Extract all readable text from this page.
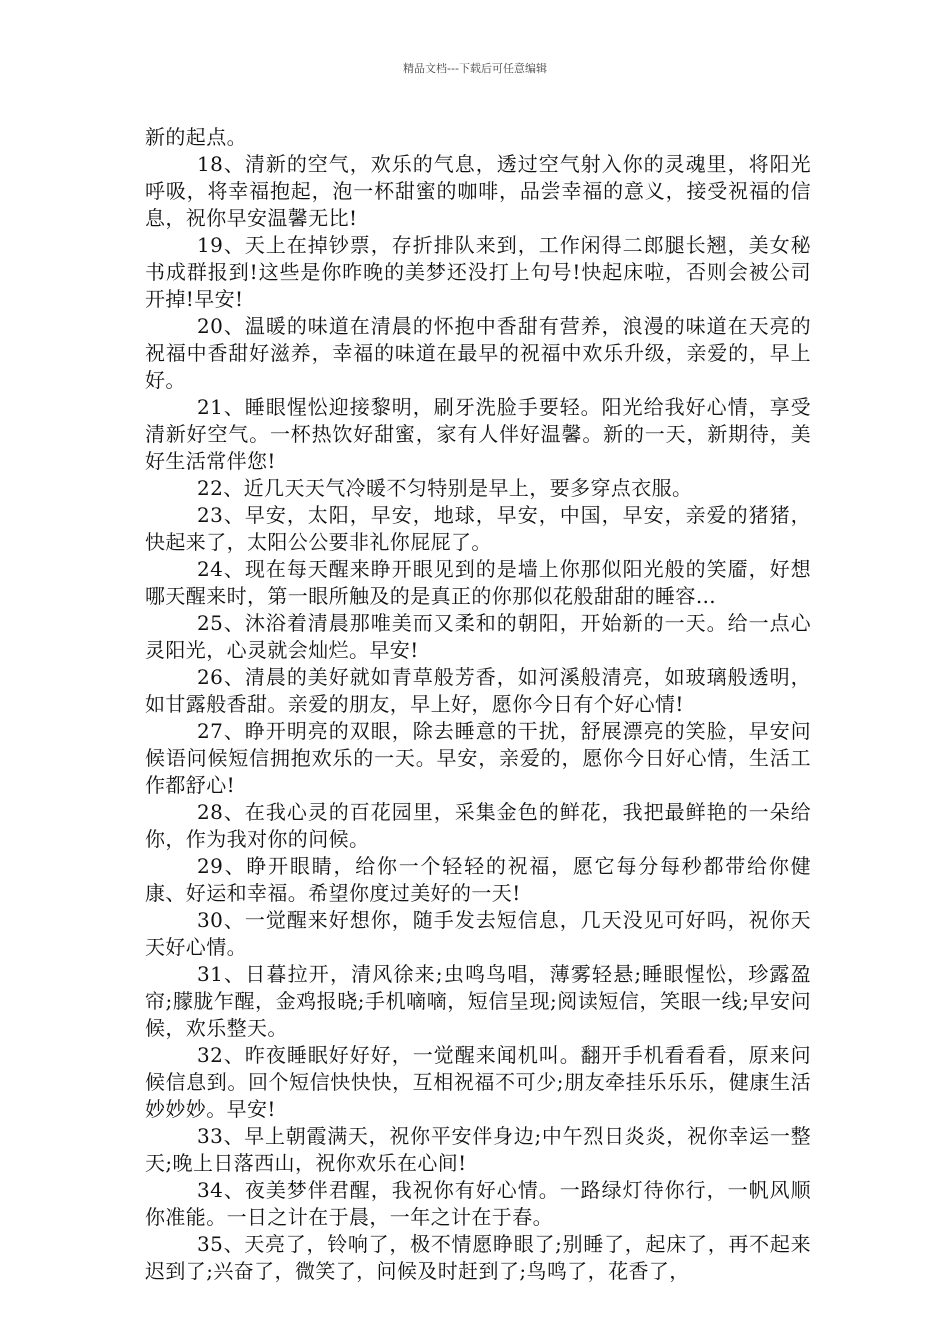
精品文档---下载后可任意编辑

新的起点。

18、清新的空气，欢乐的气息，透过空气射入你的灵魂里，将阳光呼吸，将幸福抱起，泡一杯甜蜜的咖啡，品尝幸福的意义，接受祝福的信息，祝你早安温馨无比!

19、天上在掉钞票，存折排队来到，工作闲得二郎腿长翘，美女秘书成群报到!这些是你昨晚的美梦还没打上句号!快起床啦，否则会被公司开掉!早安!

20、温暖的味道在清晨的怀抱中香甜有营养，浪漫的味道在天亮的祝福中香甜好滋养，幸福的味道在最早的祝福中欢乐升级，亲爱的，早上好。

21、睡眼惺忪迎接黎明，刷牙洗脸手要轻。阳光给我好心情，享受清新好空气。一杯热饮好甜蜜，家有人伴好温馨。新的一天，新期待，美好生活常伴您!

22、近几天天气冷暖不匀特别是早上，要多穿点衣服。

23、早安，太阳，早安，地球，早安，中国，早安，亲爱的猪猪，快起来了，太阳公公要非礼你屁屁了。

24、现在每天醒来睁开眼见到的是墙上你那似阳光般的笑靥，好想哪天醒来时，第一眼所触及的是真正的你那似花般甜甜的睡容…

25、沐浴着清晨那唯美而又柔和的朝阳，开始新的一天。给一点心灵阳光，心灵就会灿烂。早安!

26、清晨的美好就如青草般芳香，如河溪般清亮，如玻璃般透明，如甘露般香甜。亲爱的朋友，早上好，愿你今日有个好心情!

27、睁开明亮的双眼，除去睡意的干扰，舒展漂亮的笑脸，早安问候语问候短信拥抱欢乐的一天。早安，亲爱的，愿你今日好心情，生活工作都舒心!

28、在我心灵的百花园里，采集金色的鲜花，我把最鲜艳的一朵给你，作为我对你的问候。

29、睁开眼睛，给你一个轻轻的祝福，愿它每分每秒都带给你健康、好运和幸福。希望你度过美好的一天!

30、一觉醒来好想你，随手发去短信息，几天没见可好吗，祝你天天好心情。

31、日暮拉开，清风徐来;虫鸣鸟唱，薄雾轻悬;睡眼惺忪，珍露盈帘;朦胧乍醒，金鸡报晓;手机嘀嘀，短信呈现;阅读短信，笑眼一线;早安问候，欢乐整天。

32、昨夜睡眠好好好，一觉醒来闻机叫。翻开手机看看看，原来问候信息到。回个短信快快快，互相祝福不可少;朋友牵挂乐乐乐，健康生活妙妙妙。早安!

33、早上朝霞满天，祝你平安伴身边;中午烈日炎炎，祝你幸运一整天;晚上日落西山，祝你欢乐在心间!

34、夜美梦伴君醒，我祝你有好心情。一路绿灯待你行，一帆风顺你准能。一日之计在于晨，一年之计在于春。

35、天亮了，铃响了，极不情愿睁眼了;别睡了，起床了，再不起来迟到了;兴奋了，微笑了，问候及时赶到了;鸟鸣了，花香了，
